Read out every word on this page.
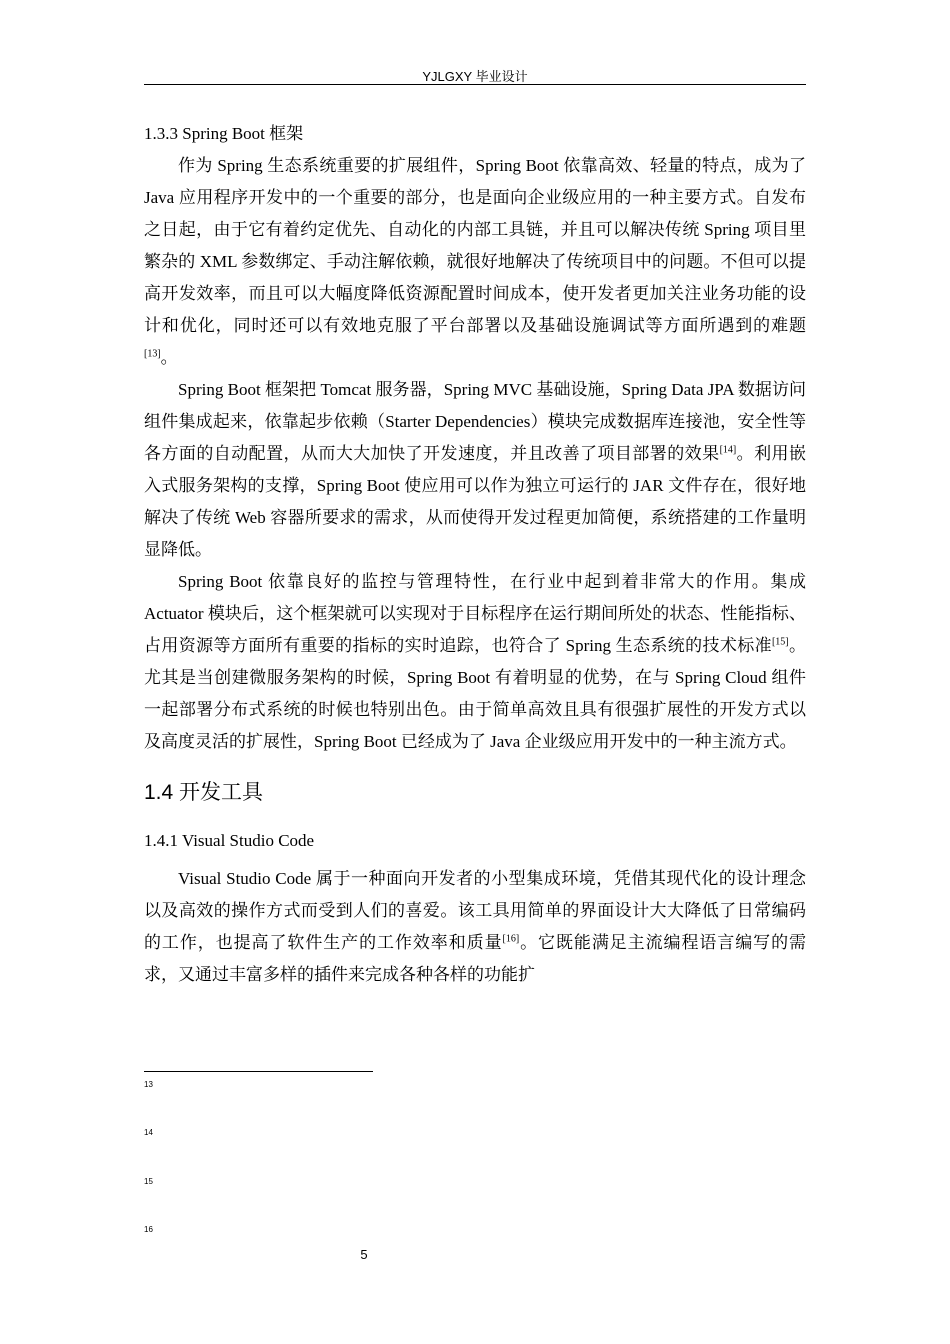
YJLGXY 毕业设计
1.3.3 Spring Boot 框架

作为 Spring 生态系统重要的扩展组件，Spring Boot 依靠高效、轻量的特点，成为了 Java 应用程序开发中的一个重要的部分，也是面向企业级应用的一种主要方式。自发布之日起，由于它有着约定优先、自动化的内部工具链，并且可以解决传统 Spring 项目里繁杂的 XML 参数绑定、手动注解依赖，就很好地解决了传统项目中的问题。不但可以提高开发效率，而且可以大幅度降低资源配置时间成本，使开发者更加关注业务功能的设计和优化，同时还可以有效地克服了平台部署以及基础设施调试等方面所遇到的难题[13]。

Spring Boot 框架把 Tomcat 服务器，Spring MVC 基础设施，Spring Data JPA 数据访问组件集成起来，依靠起步依赖（Starter Dependencies）模块完成数据库连接池，安全性等各方面的自动配置，从而大大加快了开发速度，并且改善了项目部署的效果[14]。利用嵌入式服务架构的支撑，Spring Boot 使应用可以作为独立可运行的 JAR 文件存在，很好地解决了传统 Web 容器所要求的需求，从而使得开发过程更加简便，系统搭建的工作量明显降低。

Spring Boot 依靠良好的监控与管理特性，在行业中起到着非常大的作用。集成 Actuator 模块后，这个框架就可以实现对于目标程序在运行期间所处的状态、性能指标、占用资源等方面所有重要的指标的实时追踪，也符合了 Spring 生态系统的技术标准[15]。尤其是当创建微服务架构的时候，Spring Boot 有着明显的优势，在与 Spring Cloud 组件一起部署分布式系统的时候也特别出色。由于简单高效且具有很强扩展性的开发方式以及高度灵活的扩展性，Spring Boot 已经成为了 Java 企业级应用开发中的一种主流方式。

1.4 开发工具
1.4.1 Visual Studio Code

Visual Studio Code 属于一种面向开发者的小型集成环境，凭借其现代化的设计理念以及高效的操作方式而受到人们的喜爱。该工具用简单的界面设计大大降低了日常编码的工作，也提高了软件生产的工作效率和质量[16]。它既能满足主流编程语言编写的需求，又通过丰富多样的插件来完成各种各样的功能扩

13
14
15
16
5
